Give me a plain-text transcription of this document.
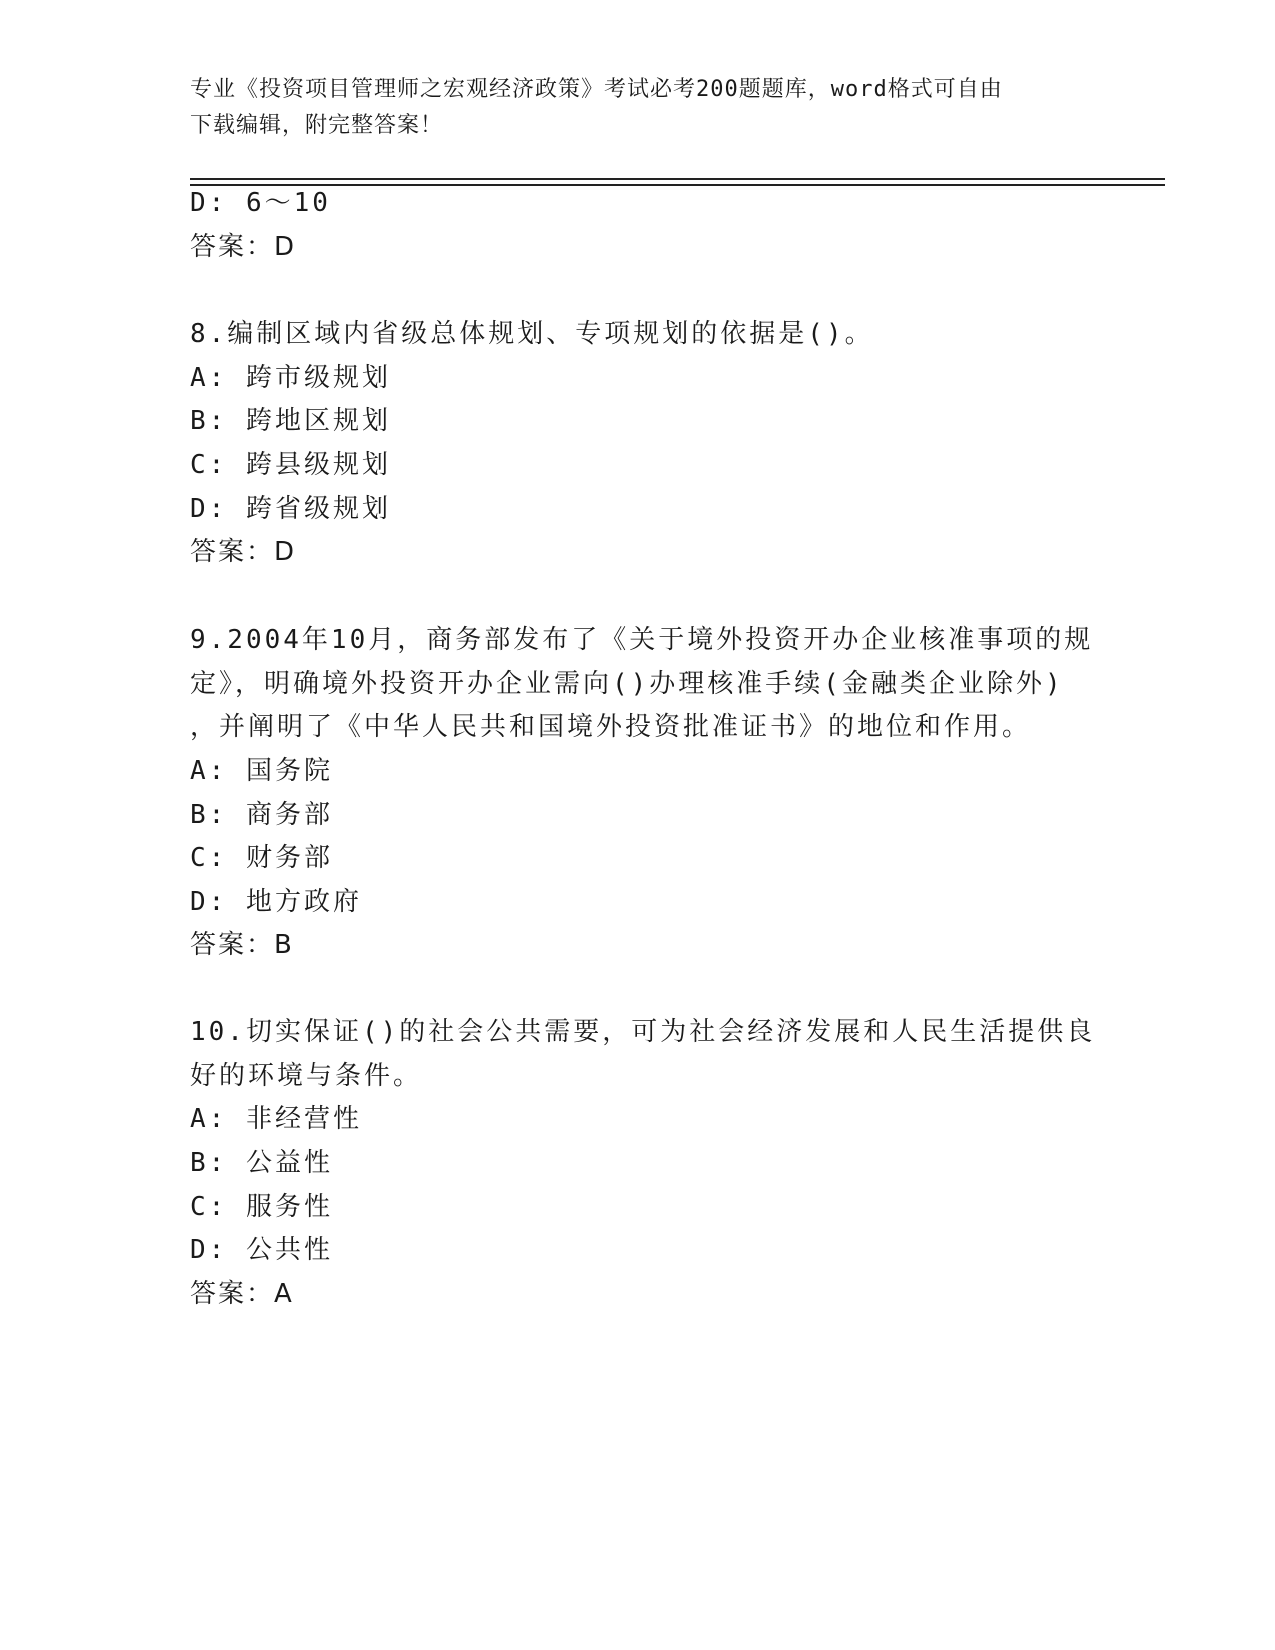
专业《投资项目管理师之宏观经济政策》考试必考200题题库，word格式可自由
下载编辑，附完整答案！
D: 6～10
答案：D
8.编制区域内省级总体规划、专项规划的依据是()。
A: 跨市级规划
B: 跨地区规划
C: 跨县级规划
D: 跨省级规划
答案：D
9.2004年10月，商务部发布了《关于境外投资开办企业核准事项的规
定》，明确境外投资开办企业需向()办理核准手续(金融类企业除外)
，并阐明了《中华人民共和国境外投资批准证书》的地位和作用。
A: 国务院
B: 商务部
C: 财务部
D: 地方政府
答案：B
10.切实保证()的社会公共需要，可为社会经济发展和人民生活提供良
好的环境与条件。
A: 非经营性
B: 公益性
C: 服务性
D: 公共性
答案：A
